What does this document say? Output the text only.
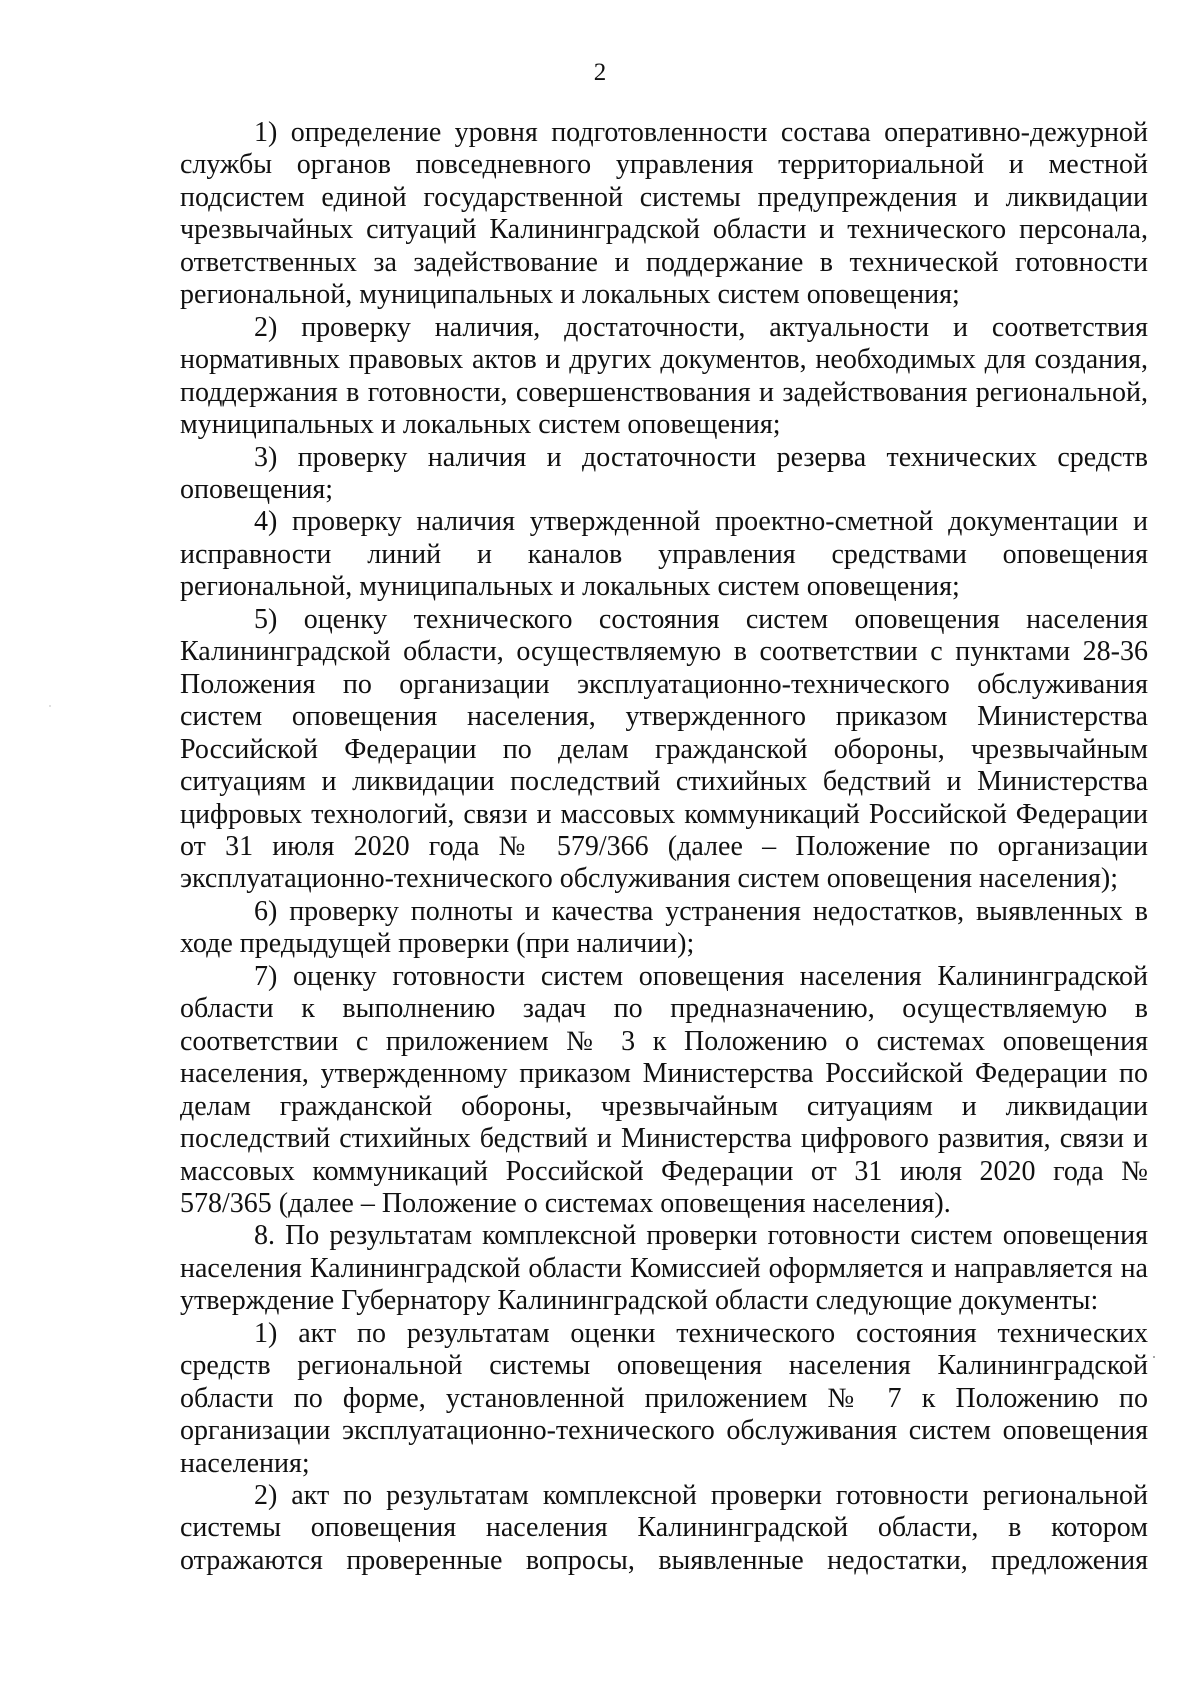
2

1) определение уровня подготовленности состава оперативно-дежурной службы органов повседневного управления территориальной и местной подсистем единой государственной системы предупреждения и ликвидации чрезвычайных ситуаций Калининградской области и технического персонала, ответственных за задействование и поддержание в технической готовности региональной, муниципальных и локальных систем оповещения;

2) проверку наличия, достаточности, актуальности и соответствия нормативных правовых актов и других документов, необходимых для создания, поддержания в готовности, совершенствования и задействования региональной, муниципальных и локальных систем оповещения;

3) проверку наличия и достаточности резерва технических средств оповещения;

4) проверку наличия утвержденной проектно-сметной документации и исправности линий и каналов управления средствами оповещения региональной, муниципальных и локальных систем оповещения;

5) оценку технического состояния систем оповещения населения Калининградской области, осуществляемую в соответствии с пунктами 28-36 Положения по организации эксплуатационно-технического обслуживания систем оповещения населения, утвержденного приказом Министерства Российской Федерации по делам гражданской обороны, чрезвычайным ситуациям и ликвидации последствий стихийных бедствий и Министерства цифровых технологий, связи и массовых коммуникаций Российской Федерации от 31 июля 2020 года № 579/366 (далее – Положение по организации эксплуатационно-технического обслуживания систем оповещения населения);

6) проверку полноты и качества устранения недостатков, выявленных в ходе предыдущей проверки (при наличии);

7) оценку готовности систем оповещения населения Калининградской области к выполнению задач по предназначению, осуществляемую в соответствии с приложением № 3 к Положению о системах оповещения населения, утвержденному приказом Министерства Российской Федерации по делам гражданской обороны, чрезвычайным ситуациям и ликвидации последствий стихийных бедствий и Министерства цифрового развития, связи и массовых коммуникаций Российской Федерации от 31 июля 2020 года № 578/365 (далее – Положение о системах оповещения населения).

8. По результатам комплексной проверки готовности систем оповещения населения Калининградской области Комиссией оформляется и направляется на утверждение Губернатору Калининградской области следующие документы:

1) акт по результатам оценки технического состояния технических средств региональной системы оповещения населения Калининградской области по форме, установленной приложением № 7 к Положению по организации эксплуатационно-технического обслуживания систем оповещения населения;

2) акт по результатам комплексной проверки готовности региональной системы оповещения населения Калининградской области, в котором отражаются проверенные вопросы, выявленные недостатки, предложения
